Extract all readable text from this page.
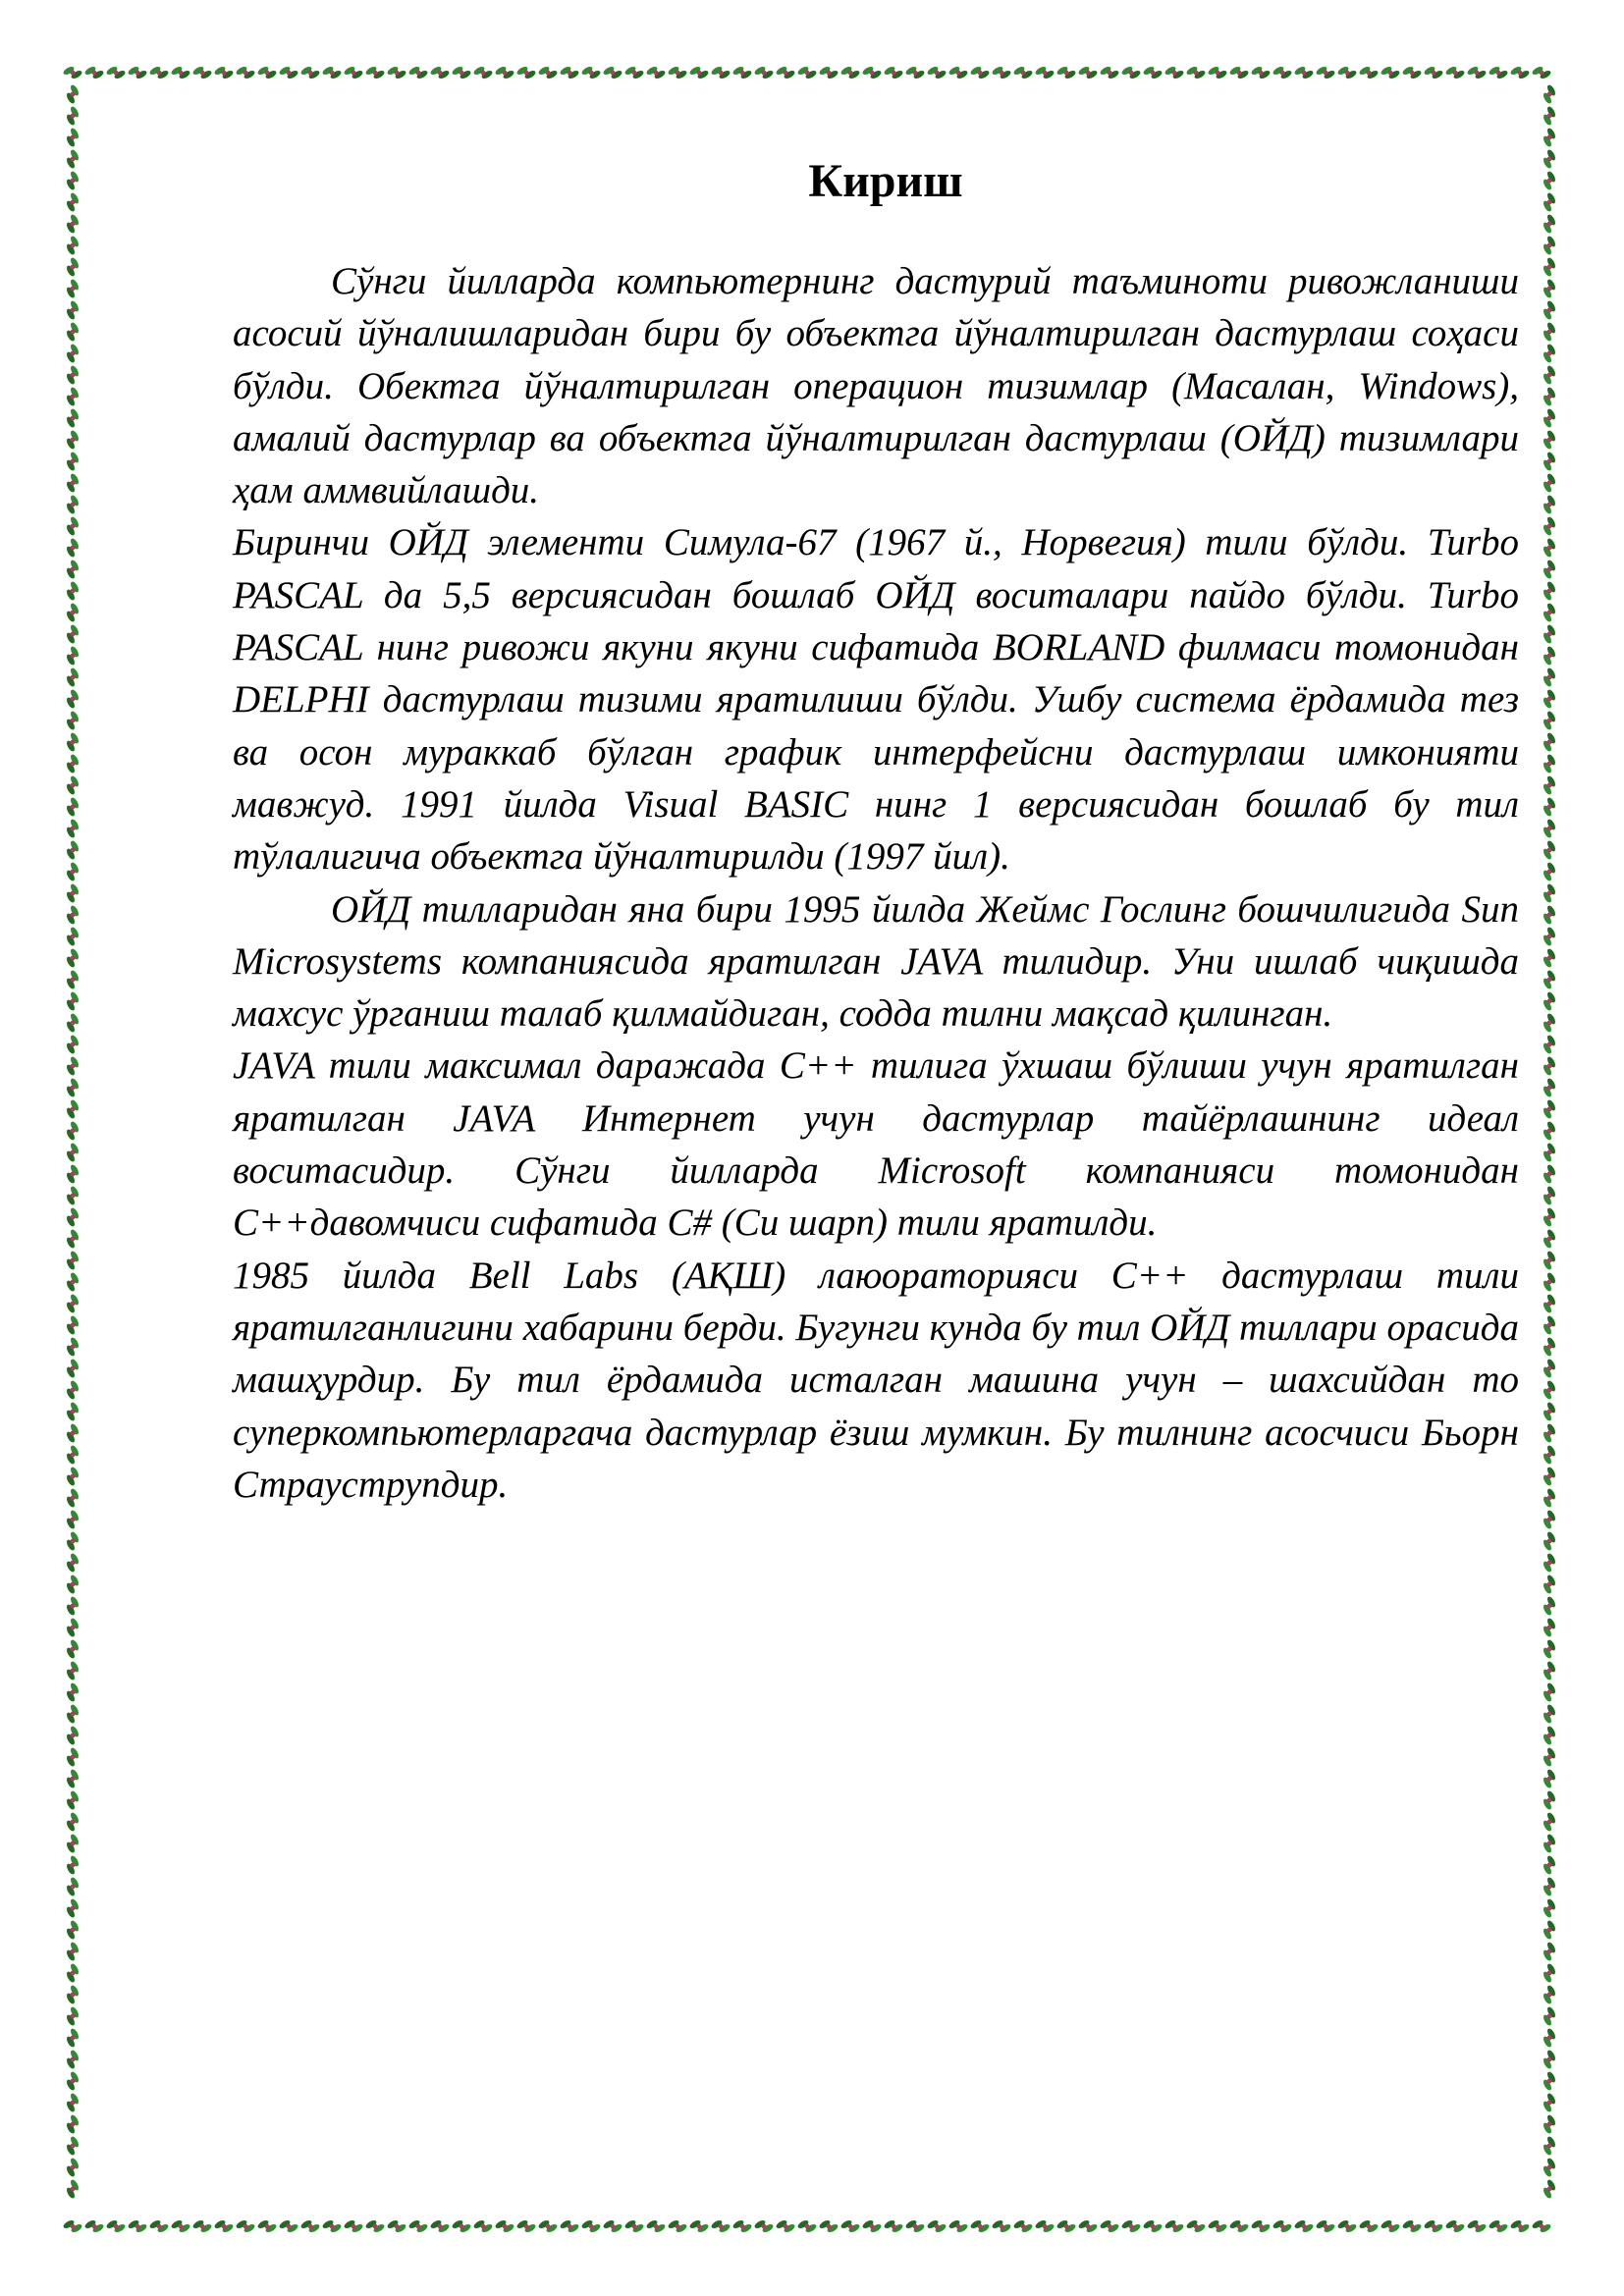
Кириш

Сўнги йилларда компьютернинг дастурий таъминоти ривожланиши асосий йўналишларидан бири бу объектга йўналтирилган дастурлаш соҳаси бўлди. Обектга йўналтирилган операцион тизимлар (Масалан, Windows), амалий дастурлар ва объектга йўналтирилган дастурлаш (ОЙД) тизимлари ҳам аммвийлашди.

Биринчи ОЙД элементи Симула-67 (1967 й., Норвегия) тили бўлди. Turbo PASCAL да 5,5 версиясидан бошлаб ОЙД воситалари пайдо бўлди. Turbo PASCAL нинг ривожи якуни якуни сифатида BORLAND филмаси томонидан DELPHI дастурлаш тизими яратилиши бўлди. Ушбу система ёрдамида тез ва осон мураккаб бўлган график интерфейсни дастурлаш имконияти мавжуд. 1991 йилда Visual BASIC нинг 1 версиясидан бошлаб бу тил тўлалигича объектга йўналтирилди (1997 йил).

ОЙД тилларидан яна бири 1995 йилда Жеймс Гослинг бошчилигида Sun Microsystems компаниясида яратилган JAVA тилидир. Уни ишлаб чиқишда махсус ўрганиш талаб қилмайдиган, содда тилни мақсад қилинган.

JAVA тили максимал даражада С++ тилига ўхшаш бўлиши учун яратилган яратилган JAVA Интернет учун дастурлар тайёрлашнинг идеал воситасидир. Сўнги йилларда Microsoft компанияси томонидан С++давомчиси сифатида С# (Си шарп) тили яратилди.

1985 йилда Bell Labs (АҚШ) лаюораторияси С++ дастурлаш тили яратилганлигини хабарини берди. Бугунги кунда бу тил ОЙД тиллари орасида машҳурдир. Бу тил ёрдамида исталган машина учун – шахсийдан то суперкомпьютерларгача дастурлар ёзиш мумкин. Бу тилнинг асосчиси Бьорн Страуструпдир.
